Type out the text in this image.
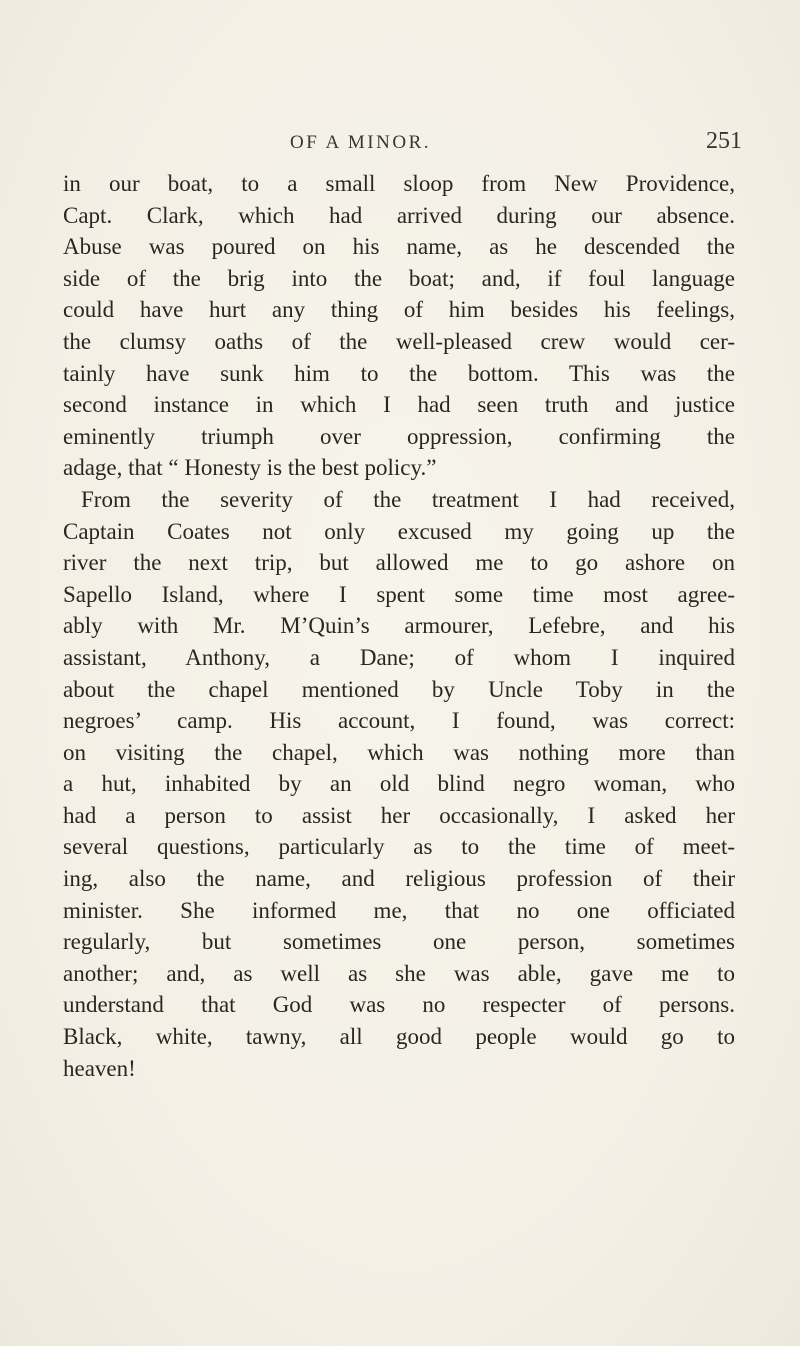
OF A MINOR.	251
in our boat, to a small sloop from New Providence,
Capt. Clark, which had arrived during our absence.
Abuse was poured on his name, as he descended the
side of the brig into the boat; and, if foul language
could have hurt any thing of him besides his feelings,
the clumsy oaths of the well-pleased crew would cer-
tainly have sunk him to the bottom. This was the
second instance in which I had seen truth and justice
eminently triumph over oppression, confirming the
adage, that “ Honesty is the best policy.”
From the severity of the treatment I had received,
Captain Coates not only excused my going up the
river the next trip, but allowed me to go ashore on
Sapello Island, where I spent some time most agree-
ably with Mr. M’Quin’s armourer, Lefebre, and his
assistant, Anthony, a Dane; of whom I inquired
about the chapel mentioned by Uncle Toby in the
negroes’ camp. His account, I found, was correct:
on visiting the chapel, which was nothing more than
a hut, inhabited by an old blind negro woman, who
had a person to assist her occasionally, I asked her
several questions, particularly as to the time of meet-
ing, also the name, and religious profession of their
minister. She informed me, that no one officiated
regularly, but sometimes one person, sometimes
another; and, as well as she was able, gave me to
understand that God was no respecter of persons.
Black, white, tawny, all good people would go to
heaven!
